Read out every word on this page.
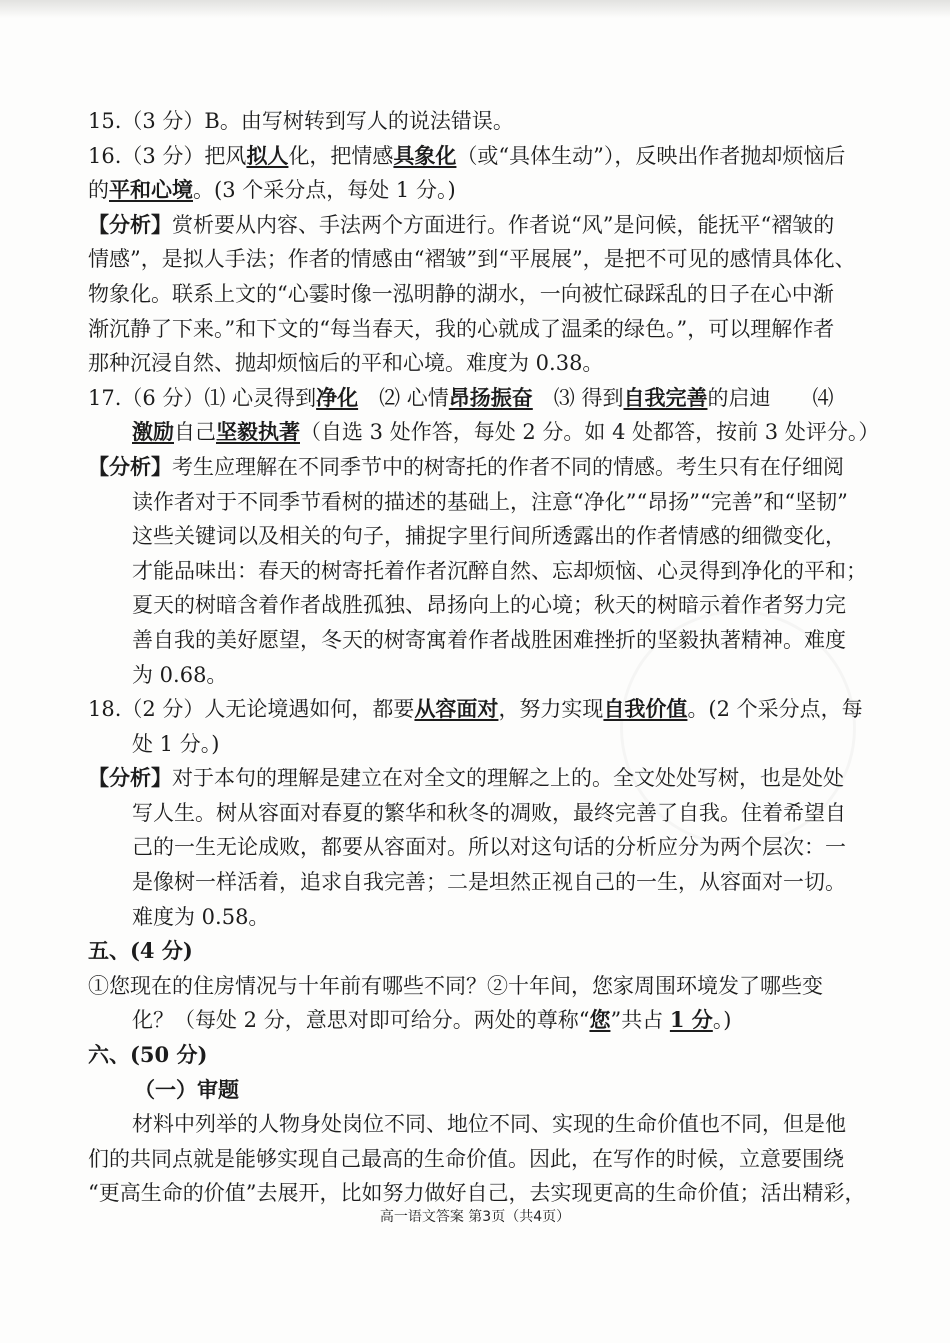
15.（3 分）B。由写树转到写人的说法错误。
16.（3 分）把风拟人化，把情感具象化（或“具体生动”），反映出作者抛却烦恼后
的平和心境。(3 个采分点，每处 1 分。)
【分析】赏析要从内容、手法两个方面进行。作者说“风”是问候，能抚平“褶皱的
情感”，是拟人手法；作者的情感由“褶皱”到“平展展”，是把不可见的感情具体化、
物象化。联系上文的“心霎时像一泓明静的湖水，一向被忙碌踩乱的日子在心中渐
渐沉静了下来。”和下文的“每当春天，我的心就成了温柔的绿色。”，可以理解作者
那种沉浸自然、抛却烦恼后的平和心境。难度为 0.38。
17.（6 分）⑴ 心灵得到净化　⑵ 心情昂扬振奋　⑶ 得到自我完善的启迪　　⑷
激励自己坚毅执著（自选 3 处作答，每处 2 分。如 4 处都答，按前 3 处评分。）
【分析】考生应理解在不同季节中的树寄托的作者不同的情感。考生只有在仔细阅
读作者对于不同季节看树的描述的基础上，注意“净化”“昂扬”“完善”和“坚韧”
这些关键词以及相关的句子，捕捉字里行间所透露出的作者情感的细微变化，
才能品味出：春天的树寄托着作者沉醉自然、忘却烦恼、心灵得到净化的平和；
夏天的树暗含着作者战胜孤独、昂扬向上的心境；秋天的树暗示着作者努力完
善自我的美好愿望，冬天的树寄寓着作者战胜困难挫折的坚毅执著精神。难度
为 0.68。
18.（2 分）人无论境遇如何，都要从容面对，努力实现自我价值。(2 个采分点，每
处 1 分。)
【分析】对于本句的理解是建立在对全文的理解之上的。全文处处写树，也是处处
写人生。树从容面对春夏的繁华和秋冬的凋败，最终完善了自我。住着希望自
己的一生无论成败，都要从容面对。所以对这句话的分析应分为两个层次：一
是像树一样活着，追求自我完善；二是坦然正视自己的一生，从容面对一切。
难度为 0.58。
五、(4 分)
①您现在的住房情况与十年前有哪些不同？②十年间，您家周围环境发了哪些变
化？（每处 2 分，意思对即可给分。两处的尊称“您”共占 1 分。)
六、(50 分)
（一）审题
材料中列举的人物身处岗位不同、地位不同、实现的生命价值也不同，但是他
们的共同点就是能够实现自己最高的生命价值。因此，在写作的时候，立意要围绕
“更高生命的价值”去展开，比如努力做好自己，去实现更高的生命价值；活出精彩，
高一语文答案 第3页（共4页）
